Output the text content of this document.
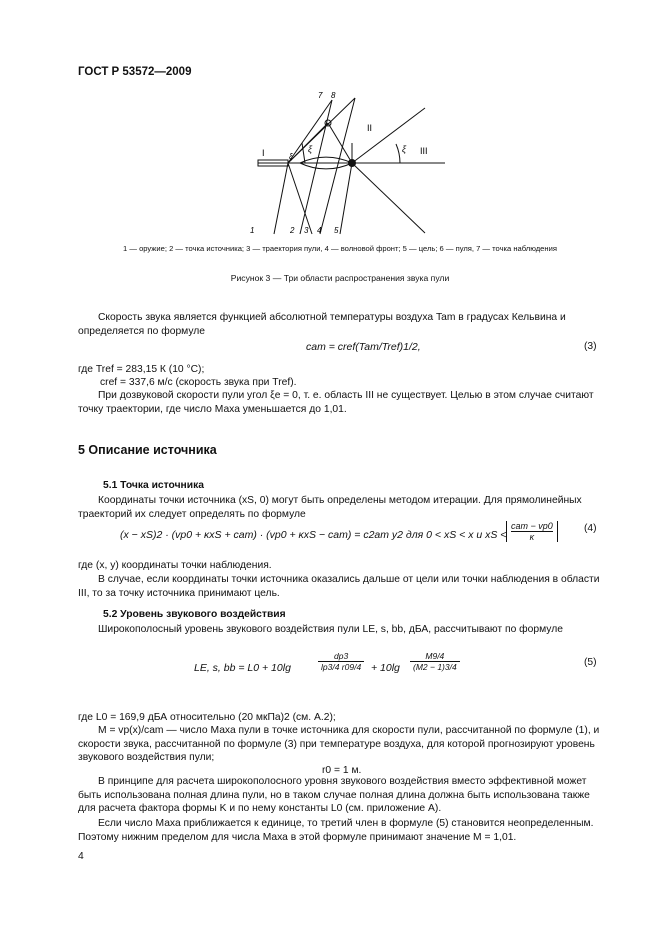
ГОСТ Р 53572—2009
I
II
III
ξ
ξ
ξ
7 8
1	2 3 4 5
1 — оружие; 2 — точка источника; 3 — траектория пули, 4 — волновой фронт; 5 — цель; 6 — пуля, 7 — точка наблюдения
Рисунок 3 — Три области распространения звука пули
Скорость звука является функцией абсолютной температуры воздуха Tam в градусах Кельвина и определяется по формуле
cam = cref(Tam/Tref)1/2,	(3)
где Tref = 283,15 К (10 °С);
cref = 337,6 м/с (скорость звука при Tref).
При дозвуковой скорости пули угол ξe = 0, т. е. область III не существует. Целью в этом случае считают точку траектории, где число Маха уменьшается до 1,01.
5 Описание источника
5.1 Точка источника
Координаты точки источника (xS, 0) могут быть определены методом итерации. Для прямолинейных траекторий их следует определять по формуле
(x − xS)2 · (vp0 + κxS + cam) · (vp0 + κxS − cam) = c2am y2 для 0 < xS < x и xS <
cam − vp0
κ
(4)
где (x, y) координаты точки наблюдения.
В случае, если координаты точки источника оказались дальше от цели или точки наблюдения в области III, то за точку источника принимают цель.
5.2 Уровень звукового воздействия
Широкополосный уровень звукового воздействия пули LE, s, bb, дБА, рассчитывают по формуле
LE, s, bb = L0 + 10lg	$\frac{dp3}{lp3/4 r09/4} + 10\lg \frac{M9/4}{(M2 - 1)3/4}$	(5)
где L0 = 169,9 дБА относительно (20 мкПа)2 (см. А.2);
M = vp(x)/cam — число Маха пули в точке источника для скорости пули, рассчитанной по формуле (1), и скорости звука, рассчитанной по формуле (3) при температуре воздуха, для которой прогнозируют уровень звукового воздействия пули;
r0 = 1 м.
В принципе для расчета широкополосного уровня звукового воздействия вместо эффективной может быть использована полная длина пули, но в таком случае полная длина должна быть использована также для расчета фактора формы K и по нему константы L0 (см. приложение А).
Если число Маха приближается к единице, то третий член в формуле (5) становится неопределенным. Поэтому нижним пределом для числа Маха в этой формуле принимают значение M = 1,01.
4
